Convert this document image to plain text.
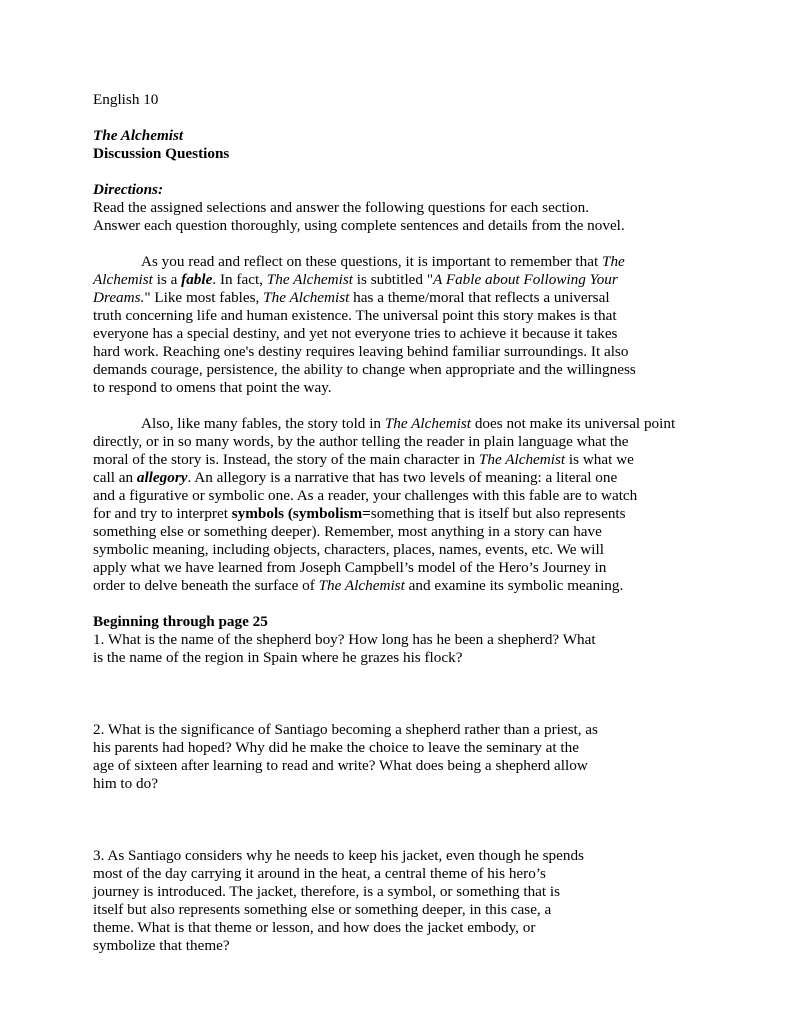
English 10
The Alchemist
Discussion Questions
Directions:
Read the assigned selections and answer the following questions for each section.
Answer each question thoroughly, using complete sentences and details from the novel.
As you read and reflect on these questions, it is important to remember that The
Alchemist is a fable. In fact, The Alchemist is subtitled "A Fable about Following Your
Dreams." Like most fables, The Alchemist has a theme/moral that reflects a universal
truth concerning life and human existence. The universal point this story makes is that
everyone has a special destiny, and yet not everyone tries to achieve it because it takes
hard work. Reaching one's destiny requires leaving behind familiar surroundings. It also
demands courage, persistence, the ability to change when appropriate and the willingness
to respond to omens that point the way.
Also, like many fables, the story told in The Alchemist does not make its universal point
directly, or in so many words, by the author telling the reader in plain language what the
moral of the story is. Instead, the story of the main character in The Alchemist is what we
call an allegory. An allegory is a narrative that has two levels of meaning: a literal one
and a figurative or symbolic one. As a reader, your challenges with this fable are to watch
for and try to interpret symbols (symbolism=something that is itself but also represents
something else or something deeper). Remember, most anything in a story can have
symbolic meaning, including objects, characters, places, names, events, etc. We will
apply what we have learned from Joseph Campbell’s model of the Hero’s Journey in
order to delve beneath the surface of The Alchemist and examine its symbolic meaning.
Beginning through page 25
1. What is the name of the shepherd boy? How long has he been a shepherd? What
is the name of the region in Spain where he grazes his flock?
2. What is the significance of Santiago becoming a shepherd rather than a priest, as
his parents had hoped? Why did he make the choice to leave the seminary at the
age of sixteen after learning to read and write? What does being a shepherd allow
him to do?
3. As Santiago considers why he needs to keep his jacket, even though he spends
most of the day carrying it around in the heat, a central theme of his hero’s
journey is introduced. The jacket, therefore, is a symbol, or something that is
itself but also represents something else or something deeper, in this case, a
theme. What is that theme or lesson, and how does the jacket embody, or
symbolize that theme?
